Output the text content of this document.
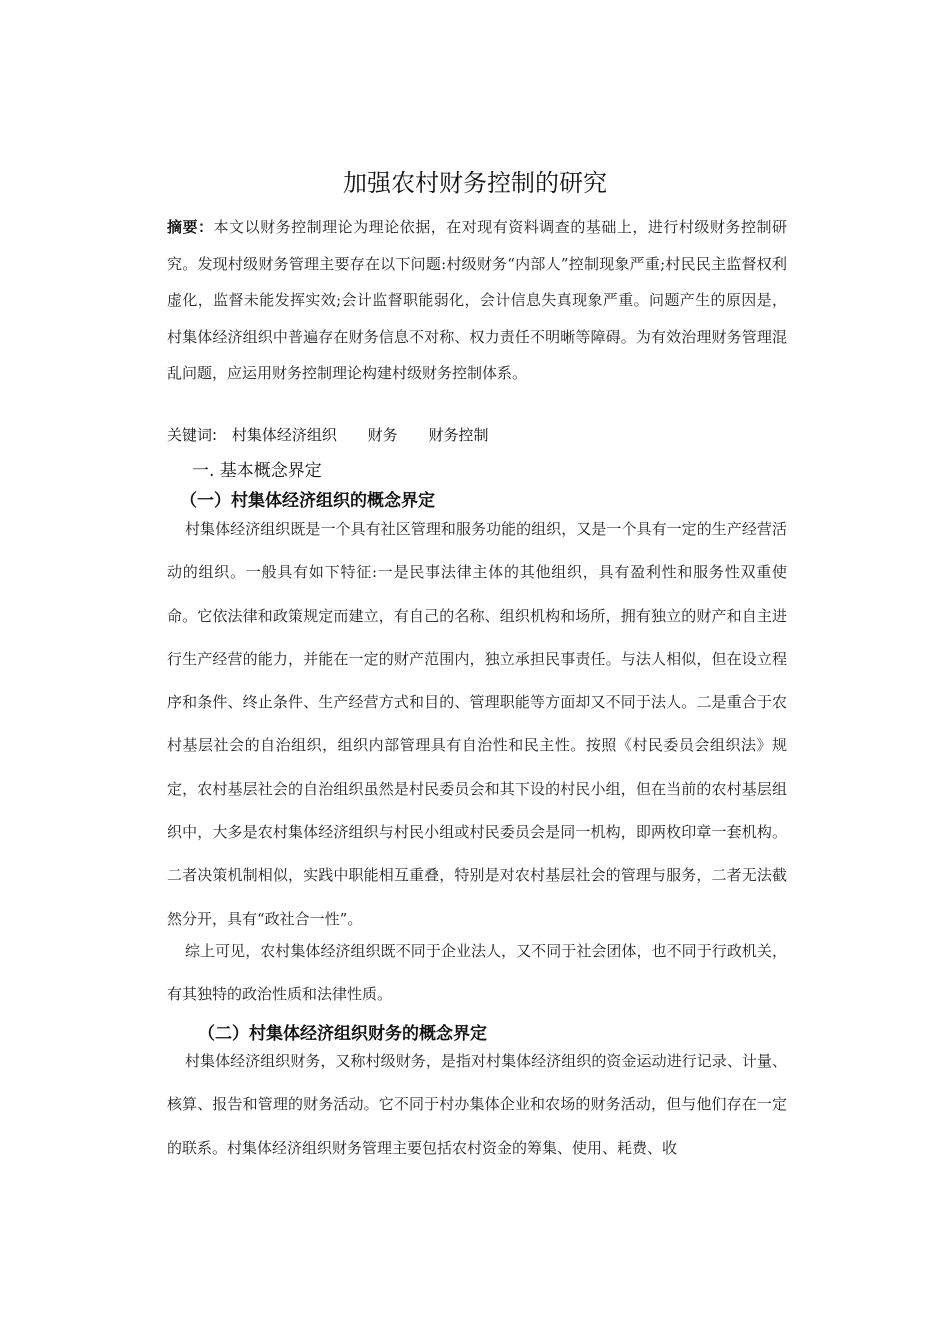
加强农村财务控制的研究
摘要：本文以财务控制理论为理论依据，在对现有资料调查的基础上，进行村级财务控制研究。发现村级财务管理主要存在以下问题:村级财务“内部人”控制现象严重;村民民主监督权利虚化，监督未能发挥实效;会计监督职能弱化，会计信息失真现象严重。问题产生的原因是，村集体经济组织中普遍存在财务信息不对称、权力责任不明晰等障碍。为有效治理财务管理混乱问题，应运用财务控制理论构建村级财务控制体系。
关键词: 村集体经济组织 财务 财务控制
一. 基本概念界定
（一）村集体经济组织的概念界定
村集体经济组织既是一个具有社区管理和服务功能的组织，又是一个具有一定的生产经营活动的组织。一般具有如下特征:一是民事法律主体的其他组织，具有盈利性和服务性双重使命。它依法律和政策规定而建立，有自己的名称、组织机构和场所，拥有独立的财产和自主进行生产经营的能力，并能在一定的财产范围内，独立承担民事责任。与法人相似，但在设立程序和条件、终止条件、生产经营方式和目的、管理职能等方面却又不同于法人。二是重合于农村基层社会的自治组织，组织内部管理具有自治性和民主性。按照《村民委员会组织法》规定，农村基层社会的自治组织虽然是村民委员会和其下设的村民小组，但在当前的农村基层组织中，大多是农村集体经济组织与村民小组或村民委员会是同一机构，即两枚印章一套机构。二者决策机制相似，实践中职能相互重叠，特别是对农村基层社会的管理与服务，二者无法截然分开，具有“政社合一性”。
综上可见，农村集体经济组织既不同于企业法人，又不同于社会团体，也不同于行政机关，有其独特的政治性质和法律性质。
（二）村集体经济组织财务的概念界定
村集体经济组织财务，又称村级财务，是指对村集体经济组织的资金运动进行记录、计量、核算、报告和管理的财务活动。它不同于村办集体企业和农场的财务活动，但与他们存在一定的联系。村集体经济组织财务管理主要包括农村资金的筹集、使用、耗费、收
